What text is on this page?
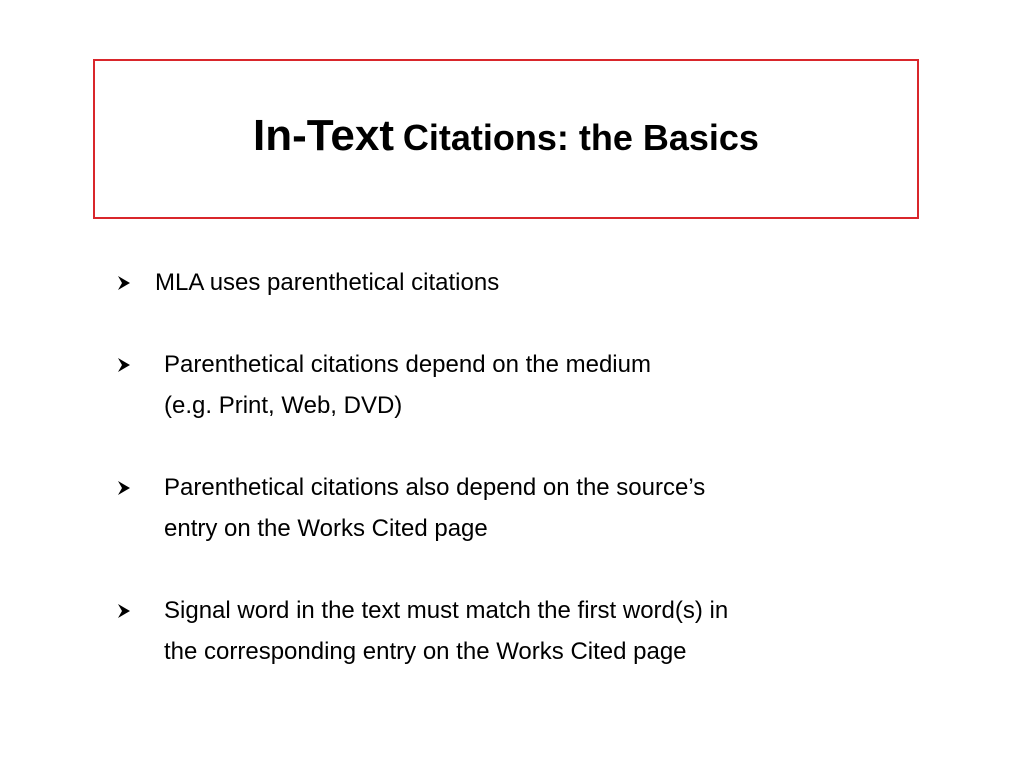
In-Text Citations: the Basics
MLA uses parenthetical citations
Parenthetical citations depend on the medium
(e.g. Print, Web, DVD)
Parenthetical citations also depend on the source’s
entry on the Works Cited page
Signal word in the text must match the first word(s) in
the corresponding entry on the Works Cited page
